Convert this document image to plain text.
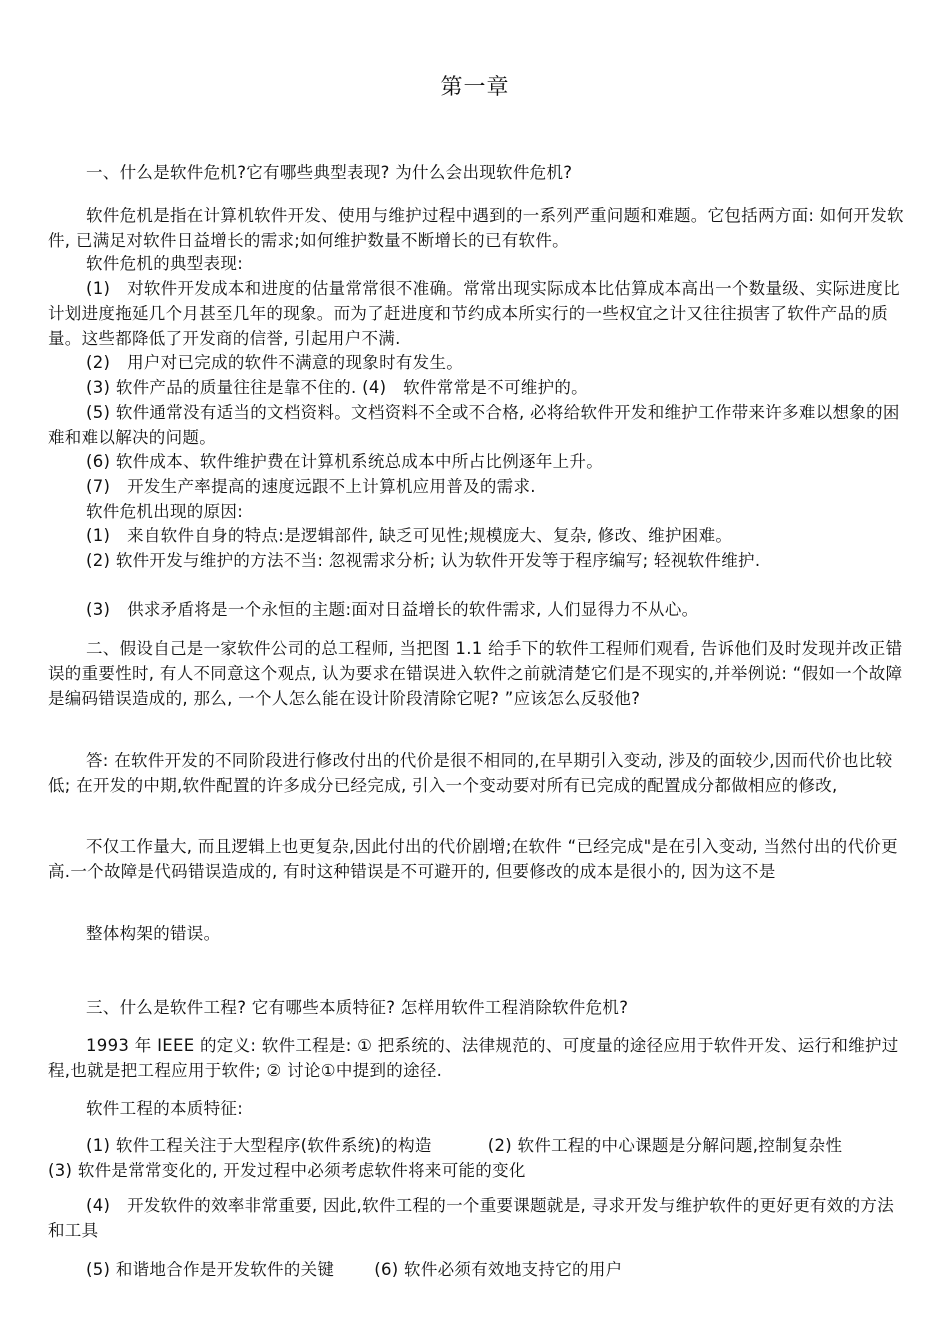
第一章

一、什么是软件危机?它有哪些典型表现? 为什么会出现软件危机?

软件危机是指在计算机软件开发、使用与维护过程中遇到的一系列严重问题和难题。它包括两方面: 如何开发软件, 已满足对软件日益增长的需求;如何维护数量不断增长的已有软件。

软件危机的典型表现:

(1)　对软件开发成本和进度的估量常常很不准确。常常出现实际成本比估算成本高出一个数量级、实际进度比计划进度拖延几个月甚至几年的现象。而为了赶进度和节约成本所实行的一些权宜之计又往往损害了软件产品的质量。这些都降低了开发商的信誉, 引起用户不满.

(2)　用户对已完成的软件不满意的现象时有发生。

(3) 软件产品的质量往往是靠不住的. (4)　软件常常是不可维护的。

(5) 软件通常没有适当的文档资料。文档资料不全或不合格, 必将给软件开发和维护工作带来许多难以想象的困难和难以解决的问题。

(6) 软件成本、软件维护费在计算机系统总成本中所占比例逐年上升。

(7)　开发生产率提高的速度远跟不上计算机应用普及的需求.

软件危机出现的原因:

(1)　来自软件自身的特点:是逻辑部件, 缺乏可见性;规模庞大、复杂, 修改、维护困难。

(2) 软件开发与维护的方法不当: 忽视需求分析; 认为软件开发等于程序编写; 轻视软件维护.

(3)　供求矛盾将是一个永恒的主题:面对日益增长的软件需求, 人们显得力不从心。

二、假设自己是一家软件公司的总工程师, 当把图 1.1 给手下的软件工程师们观看, 告诉他们及时发现并改正错误的重要性时, 有人不同意这个观点, 认为要求在错误进入软件之前就清楚它们是不现实的,并举例说: “假如一个故障是编码错误造成的, 那么, 一个人怎么能在设计阶段清除它呢? ”应该怎么反驳他?

答: 在软件开发的不同阶段进行修改付出的代价是很不相同的,在早期引入变动, 涉及的面较少,因而代价也比较低; 在开发的中期,软件配置的许多成分已经完成, 引入一个变动要对所有已完成的配置成分都做相应的修改,

不仅工作量大, 而且逻辑上也更复杂,因此付出的代价剧增;在软件 “已经完成"是在引入变动, 当然付出的代价更高.一个故障是代码错误造成的, 有时这种错误是不可避开的, 但要修改的成本是很小的, 因为这不是

整体构架的错误。

三、什么是软件工程? 它有哪些本质特征? 怎样用软件工程消除软件危机?

1993 年 IEEE 的定义: 软件工程是: ① 把系统的、法律规范的、可度量的途径应用于软件开发、运行和维护过程,也就是把工程应用于软件; ② 讨论①中提到的途径.

软件工程的本质特征:

(1) 软件工程关注于大型程序(软件系统)的构造	(2) 软件工程的中心课题是分解问题,控制复杂性(3) 软件是常常变化的, 开发过程中必须考虑软件将来可能的变化

(4)　开发软件的效率非常重要, 因此,软件工程的一个重要课题就是, 寻求开发与维护软件的更好更有效的方法和工具

(5) 和谐地合作是开发软件的关键 (6) 软件必须有效地支持它的用户
